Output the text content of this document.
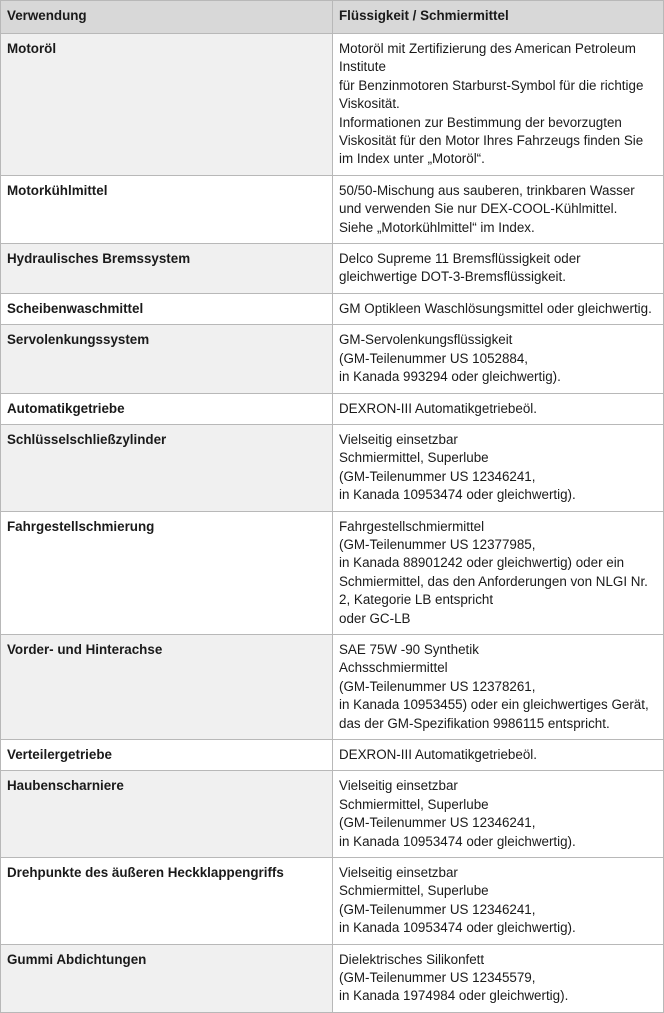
Verwendung	Flüssigkeit / Schmiermittel
Motoröl	Motoröl mit Zertifizierung des American Petroleum Institute
für Benzinmotoren Starburst-Symbol für die richtige Viskosität.
Informationen zur Bestimmung der bevorzugten Viskosität für den Motor Ihres Fahrzeugs finden Sie im Index unter „Motoröl“.

Motorkühlmittel	50/50-Mischung aus sauberen, trinkbaren Wasser und verwenden Sie nur DEX-COOL-Kühlmittel.
Siehe „Motorkühlmittel“ im Index.

Hydraulisches Bremssystem	Delco Supreme 11 Bremsflüssigkeit oder gleichwertige DOT-3-Bremsflüssigkeit.

Scheibenwaschmittel	GM Optikleen Waschlösungsmittel oder gleichwertig.

Servolenkungssystem	GM-Servolenkungsflüssigkeit
(GM-Teilenummer US 1052884,
in Kanada 993294 oder gleichwertig).

Automatikgetriebe	DEXRON-III Automatikgetriebeöl.

Schlüsselschließzylinder	Vielseitig einsetzbar
Schmiermittel, Superlube
(GM-Teilenummer US 12346241,
in Kanada 10953474 oder gleichwertig).

Fahrgestellschmierung	Fahrgestellschmiermittel
(GM-Teilenummer US 12377985,
in Kanada 88901242 oder gleichwertig) oder ein Schmiermittel, das den Anforderungen von NLGI Nr. 2, Kategorie LB entspricht
oder GC-LB

Vorder- und Hinterachse	SAE 75W -90 Synthetik
Achsschmiermittel
(GM-Teilenummer US 12378261,
in Kanada 10953455) oder ein gleichwertiges Gerät, das der GM-Spezifikation 9986115 entspricht.

Verteilergetriebe	DEXRON-III Automatikgetriebeöl.

Haubenscharniere	Vielseitig einsetzbar
Schmiermittel, Superlube
(GM-Teilenummer US 12346241,
in Kanada 10953474 oder gleichwertig).

Drehpunkte des äußeren Heckklappengriffs	Vielseitig einsetzbar
Schmiermittel, Superlube
(GM-Teilenummer US 12346241,
in Kanada 10953474 oder gleichwertig).

Gummi Abdichtungen	Dielektrisches Silikonfett
(GM-Teilenummer US 12345579,
in Kanada 1974984 oder gleichwertig).
